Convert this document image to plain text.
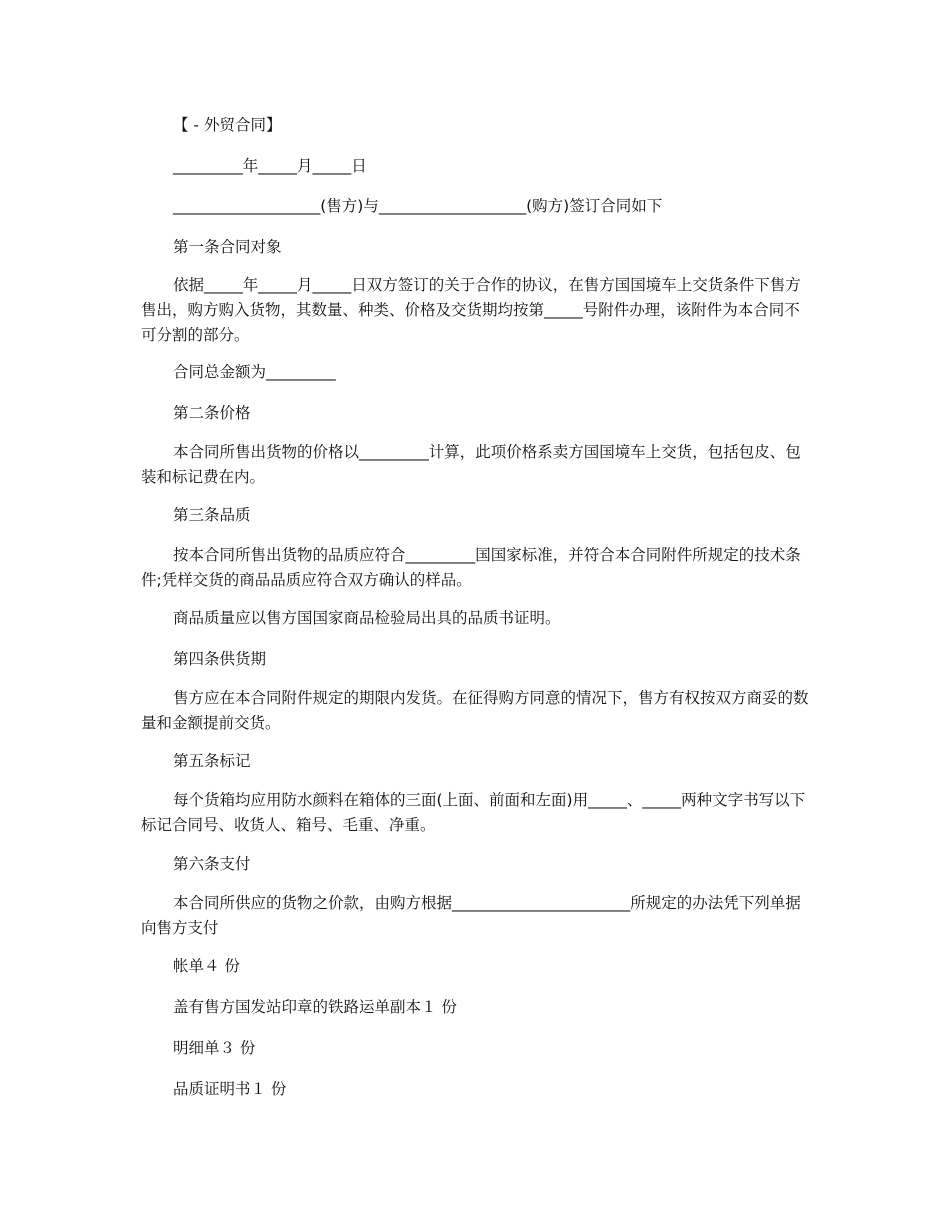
【 - 外贸合同】

_________年_____月_____日

___________________(售方)与___________________(购方)签订合同如下

第一条合同对象

依据_____年_____月_____日双方签订的关于合作的协议，在售方国国境车上交货条件下售方售出，购方购入货物，其数量、种类、价格及交货期均按第_____号附件办理，该附件为本合同不可分割的部分。

合同总金额为_________

第二条价格

本合同所售出货物的价格以_________计算，此项价格系卖方国国境车上交货，包括包皮、包装和标记费在内。

第三条品质

按本合同所售出货物的品质应符合_________国国家标准，并符合本合同附件所规定的技术条件;凭样交货的商品品质应符合双方确认的样品。

商品质量应以售方国国家商品检验局出具的品质书证明。

第四条供货期

售方应在本合同附件规定的期限内发货。在征得购方同意的情况下，售方有权按双方商妥的数量和金额提前交货。

第五条标记

每个货箱均应用防水颜料在箱体的三面(上面、前面和左面)用_____、_____两种文字书写以下标记合同号、收货人、箱号、毛重、净重。

第六条支付

本合同所供应的货物之价款，由购方根据_______________________所规定的办法凭下列单据向售方支付

帐单４ 份

盖有售方国发站印章的铁路运单副本１ 份

明细单３ 份

品质证明书１ 份
